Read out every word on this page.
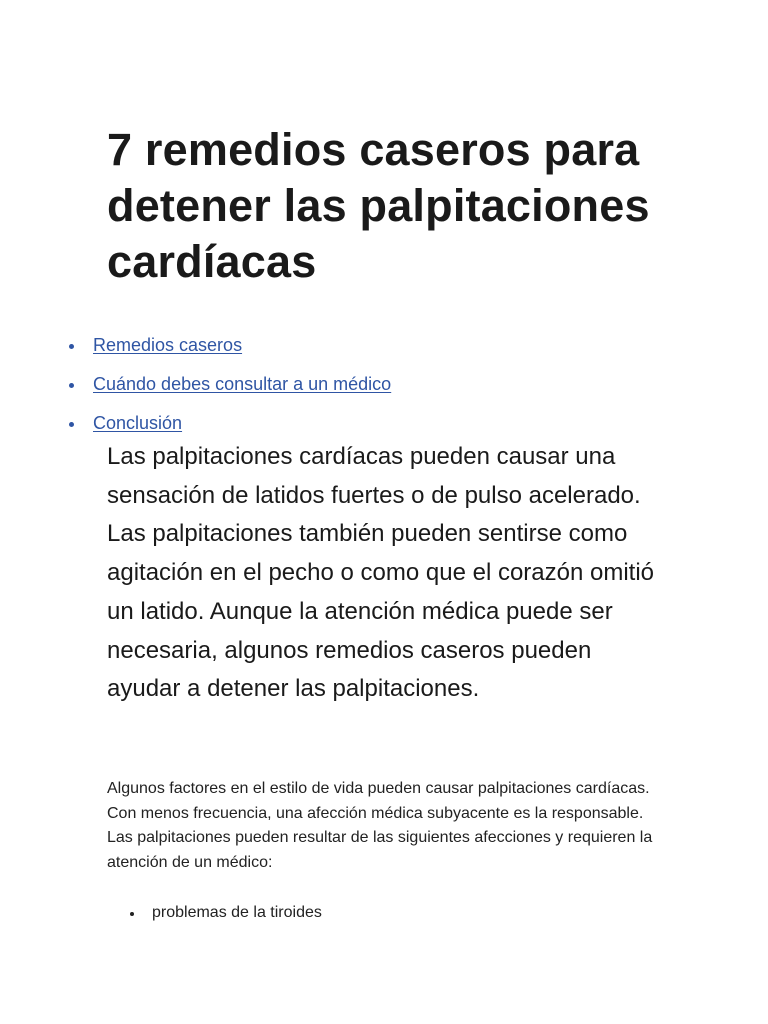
7 remedios caseros para detener las palpitaciones cardíacas
Remedios caseros
Cuándo debes consultar a un médico
Conclusión

Las palpitaciones cardíacas pueden causar una sensación de latidos fuertes o de pulso acelerado. Las palpitaciones también pueden sentirse como agitación en el pecho o como que el corazón omitió un latido. Aunque la atención médica puede ser necesaria, algunos remedios caseros pueden ayudar a detener las palpitaciones.

Algunos factores en el estilo de vida pueden causar palpitaciones cardíacas. Con menos frecuencia, una afección médica subyacente es la responsable. Las palpitaciones pueden resultar de las siguientes afecciones y requieren la atención de un médico:

problemas de la tiroides
